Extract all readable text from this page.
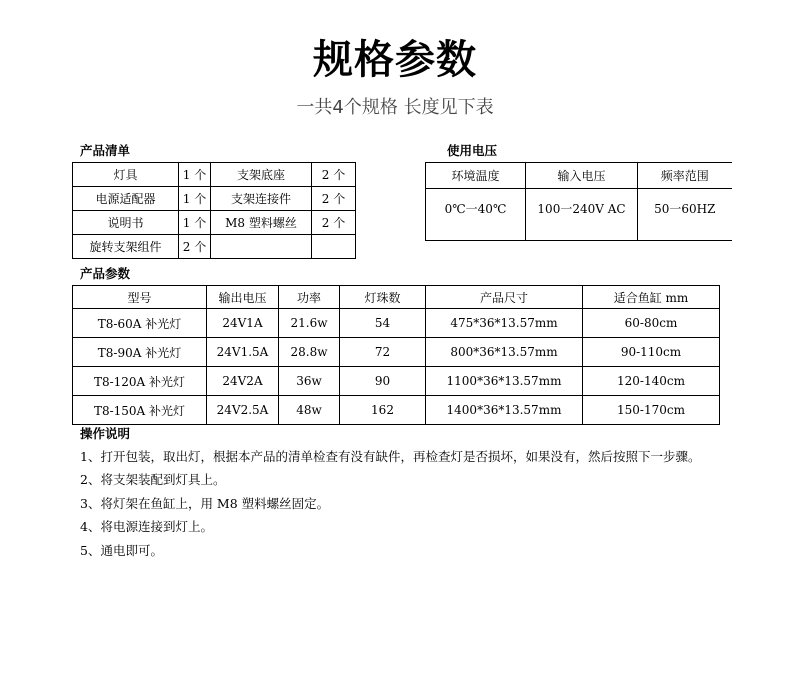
规格参数
一共4个规格 长度见下表
产品清单
灯具	1 个	支架底座	2 个
电源适配器	1 个	支架连接件	2 个
说明书	1 个	M8 塑料螺丝	2 个
旋转支架组件	2 个		
使用电压
环境温度	输入电压	频率范围
0℃一40℃	100一240V AC	50一60HZ
产品参数
型号	输出电压	功率	灯珠数	产品尺寸	适合鱼缸 mm
T8-60A 补光灯	24V1A	21.6w	54	475*36*13.57mm	60-80cm
T8-90A 补光灯	24V1.5A	28.8w	72	800*36*13.57mm	90-110cm
T8-120A 补光灯	24V2A	36w	90	1100*36*13.57mm	120-140cm
T8-150A 补光灯	24V2.5A	48w	162	1400*36*13.57mm	150-170cm
操作说明
1、打开包装，取出灯，根据本产品的清单检查有没有缺件，再检查灯是否损坏，如果没有，然后按照下一步骤。
2、将支架装配到灯具上。
3、将灯架在鱼缸上，用 M8 塑料螺丝固定。
4、将电源连接到灯上。
5、通电即可。
